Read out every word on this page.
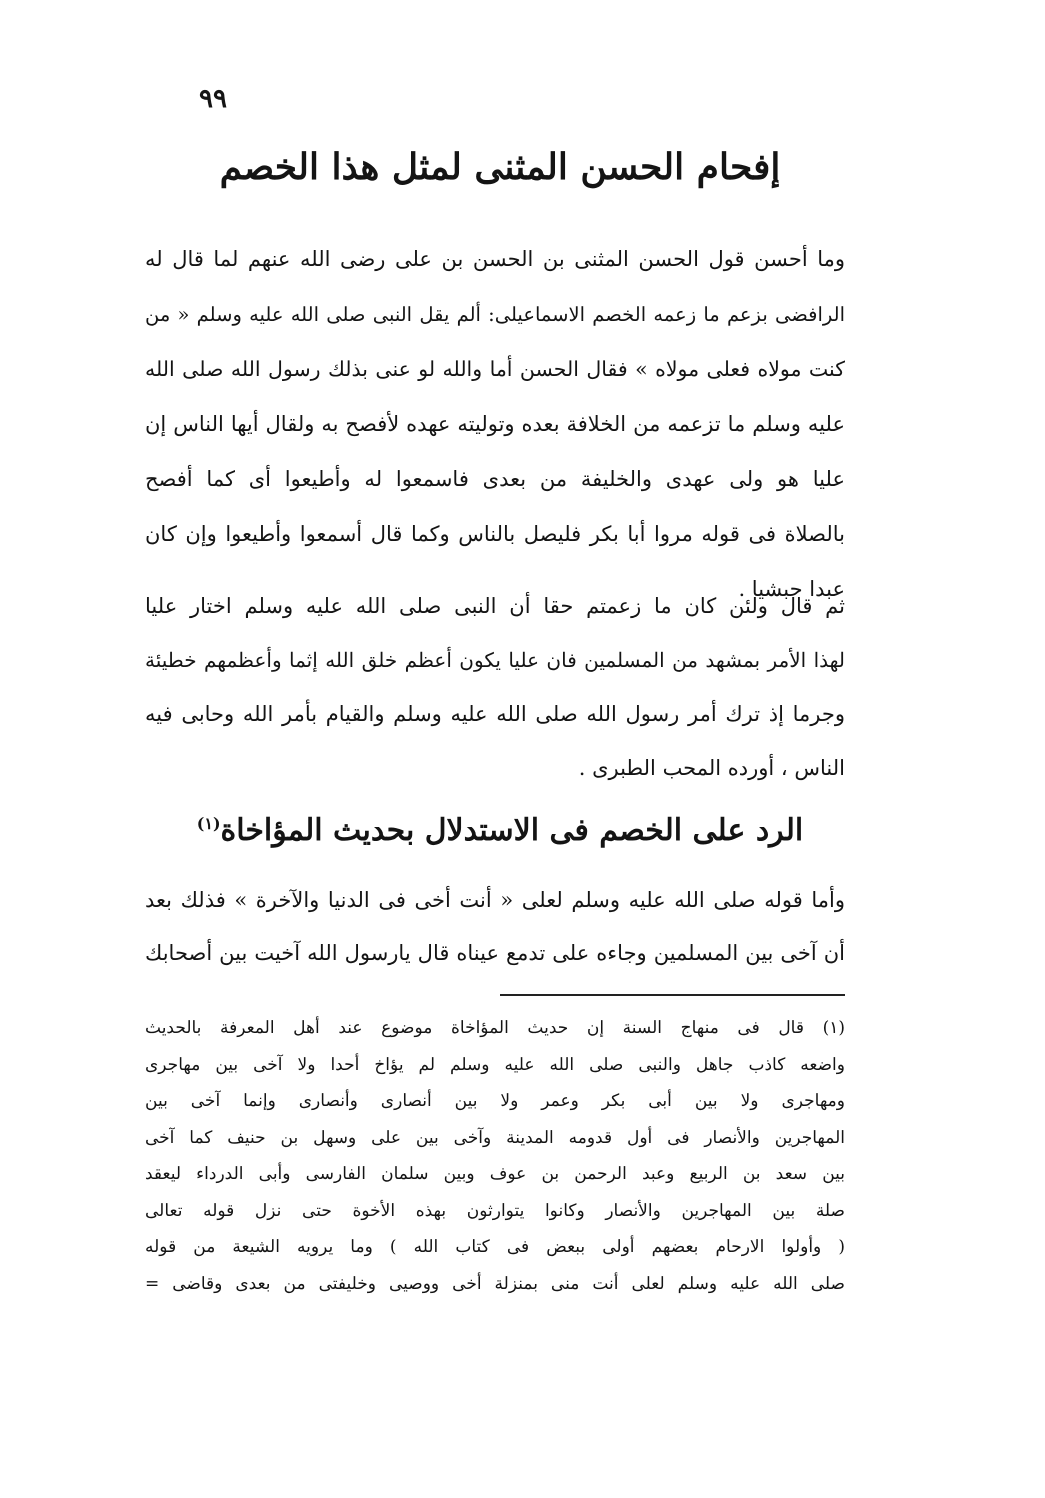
٩٩
إفحام الحسن المثنى لمثل هذا الخصم
وما أحسن قول الحسن المثنى بن الحسن بن على رضى الله عنهم لما قال له
الرافضى بزعم ما زعمه الخصم الاسماعيلى: ألم يقل النبى صلى الله عليه وسلم « من
كنت مولاه فعلى مولاه » فقال الحسن أما والله لو عنى بذلك رسول الله صلى الله
عليه وسلم ما تزعمه من الخلافة بعده وتوليته عهده لأفصح به ولقال أيها الناس إن
عليا هو ولى عهدى والخليفة من بعدى فاسمعوا له وأطيعوا أى كما أفصح
بالصلاة فى قوله مروا أبا بكر فليصل بالناس وكما قال أسمعوا وأطيعوا وإن كان
عبدا حبشيا .
ثم قال ولئن كان ما زعمتم حقا أن النبى صلى الله عليه وسلم اختار عليا
لهذا الأمر بمشهد من المسلمين فان عليا يكون أعظم خلق الله إثما وأعظمهم خطيئة
وجرما إذ ترك أمر رسول الله صلى الله عليه وسلم والقيام بأمر الله وحابى فيه
الناس ، أورده المحب الطبرى .
الرد على الخصم فى الاستدلال بحديث المؤاخاة$^{(١)}$
وأما قوله صلى الله عليه وسلم لعلى « أنت أخى فى الدنيا والآخرة » فذلك بعد
أن آخى بين المسلمين وجاءه على تدمع عيناه قال يارسول الله آخيت بين أصحابك
(١) قال فى منهاج السنة إن حديث المؤاخاة موضوع عند أهل المعرفة بالحديث
واضعه كاذب جاهل والنبى صلى الله عليه وسلم لم يؤاخ أحدا ولا آخى بين مهاجرى
ومهاجرى ولا بين أبى بكر وعمر ولا بين أنصارى وأنصارى وإنما آخى بين
المهاجرين والأنصار فى أول قدومه المدينة وآخى بين على وسهل بن حنيف كما آخى
بين سعد بن الربيع وعبد الرحمن بن عوف وبين سلمان الفارسى وأبى الدرداء ليعقد
صلة بين المهاجرين والأنصار وكانوا يتوارثون بهذه الأخوة حتى نزل قوله تعالى
( وأولوا الارحام بعضهم أولى ببعض فى كتاب الله ) وما يرويه الشيعة من قوله
صلى الله عليه وسلم لعلى أنت منى بمنزلة أخى ووصيى وخليفتى من بعدى وقاضى =
